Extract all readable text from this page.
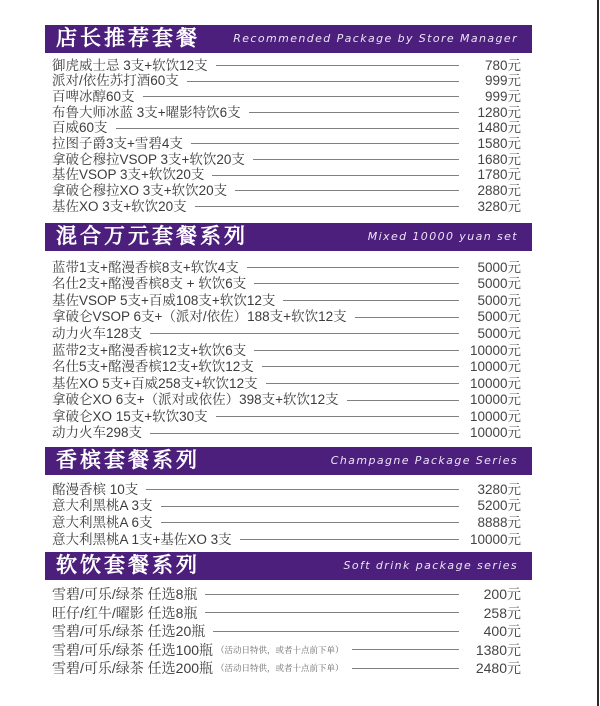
店长推荐套餐	Recommended Package by Store Manager
御虎威士忌 3支+软饮12支	780元
派对/依佐苏打酒60支	999元
百啤冰醇60支	999元
布鲁大师冰蓝 3支+曜影特饮6支	1280元
百威60支	1480元
拉图子爵3支+雪碧4支	1580元
拿破仑穆拉VSOP 3支+软饮20支	1680元
基佐VSOP 3支+软饮20支	1780元
拿破仑穆拉XO 3支+软饮20支	2880元
基佐XO 3支+软饮20支	3280元
混合万元套餐系列	Mixed 10000 yuan set
蓝带1支+酩漫香槟8支+软饮4支	5000元
名仕2支+酩漫香槟8支 + 软饮6支	5000元
基佐VSOP 5支+百威108支+软饮12支	5000元
拿破仑VSOP 6支+（派对/依佐）188支+软饮12支	5000元
动力火车128支	5000元
蓝带2支+酩漫香槟12支+软饮6支	10000元
名仕5支+酩漫香槟12支+软饮12支	10000元
基佐XO 5支+百威258支+软饮12支	10000元
拿破仑XO 6支+（派对或依佐）398支+软饮12支	10000元
拿破仑XO 15支+软饮30支	10000元
动力火车298支	10000元
香槟套餐系列	Champagne Package Series
酩漫香槟 10支	3280元
意大利黑桃A 3支	5200元
意大利黑桃A 6支	8888元
意大利黑桃A 1支+基佐XO 3支	10000元
软饮套餐系列	Soft drink package series
雪碧/可乐/绿茶 任选8瓶	200元
旺仔/红牛/曜影 任选8瓶	258元
雪碧/可乐/绿茶 任选20瓶	400元
雪碧/可乐/绿茶 任选100瓶 （活动日特供，或者十点前下单）	1380元
雪碧/可乐/绿茶 任选200瓶 （活动日特供，或者十点前下单）	2480元
